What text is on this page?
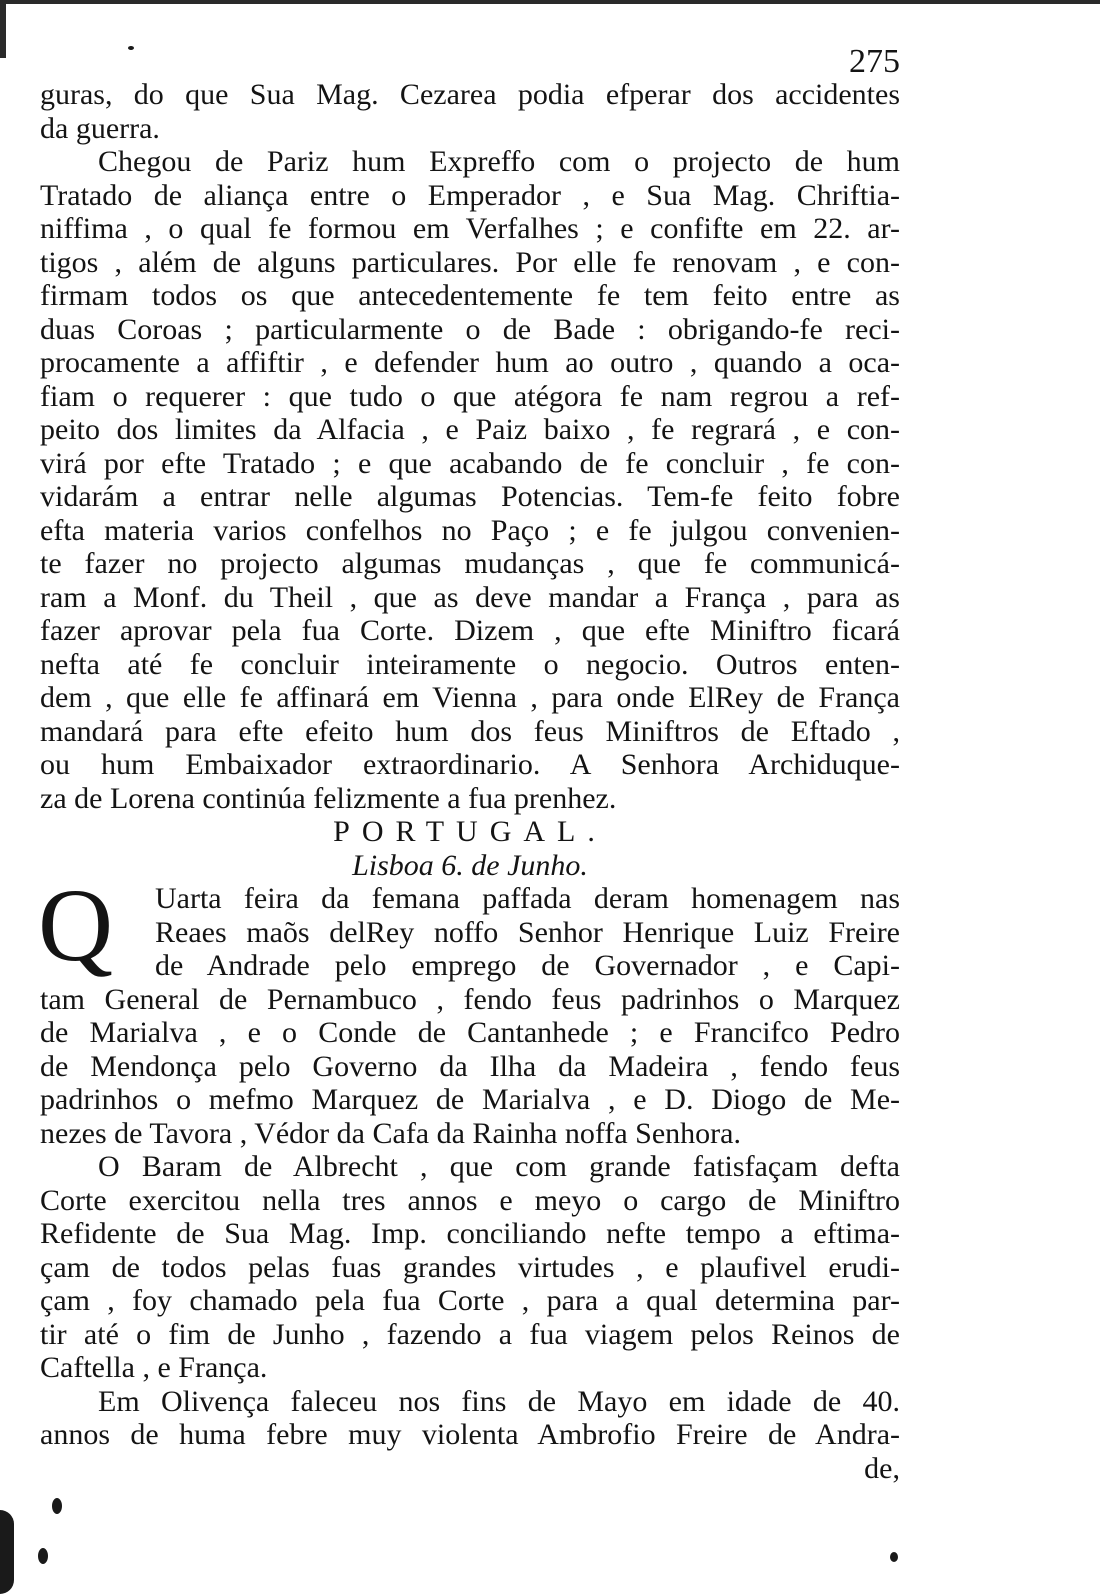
275
guras, do que Sua Mag. Cezarea podia efperar dos accidentes
da guerra.
Chegou de Pariz hum Expreffo com o projecto de hum
Tratado de aliança entre o Emperador , e Sua Mag. Chriftia-
niffima , o qual fe formou em Verfalhes ; e confifte em 22. ar-
tigos , além de alguns particulares. Por elle fe renovam , e con-
firmam todos os que antecedentemente fe tem feito entre as
duas Coroas ; particularmente o de Bade : obrigando-fe reci-
procamente a affiftir , e defender hum ao outro , quando a oca-
fiam o requerer : que tudo o que atégora fe nam regrou a ref-
peito dos limites da Alfacia , e Paiz baixo , fe regrará , e con-
virá por efte Tratado ; e que acabando de fe concluir , fe con-
vidarám a entrar nelle algumas Potencias. Tem-fe feito fobre
efta materia varios confelhos no Paço ; e fe julgou convenien-
te fazer no projecto algumas mudanças , que fe communicá-
ram a Monf. du Theil , que as deve mandar a França , para as
fazer aprovar pela fua Corte. Dizem , que efte Miniftro ficará
nefta até fe concluir inteiramente o negocio. Outros enten-
dem , que elle fe affinará em Vienna , para onde ElRey de França
mandará para efte efeito hum dos feus Miniftros de Eftado ,
ou hum Embaixador extraordinario. A Senhora Archiduque-
za de Lorena continúa felizmente a fua prenhez.
PORTUGAL.
Lisboa 6. de Junho.
Uarta feira da femana paffada deram homenagem nas
Reaes maõs delRey noffo Senhor Henrique Luiz Freire
de Andrade pelo emprego de Governador , e Capi-
tam General de Pernambuco , fendo feus padrinhos o Marquez
de Marialva , e o Conde de Cantanhede ; e Francifco Pedro
de Mendonça pelo Governo da Ilha da Madeira , fendo feus
padrinhos o mefmo Marquez de Marialva , e D. Diogo de Me-
nezes de Tavora , Védor da Cafa da Rainha noffa Senhora.
O Baram de Albrecht , que com grande fatisfaçam defta
Corte exercitou nella tres annos e meyo o cargo de Miniftro
Refidente de Sua Mag. Imp. conciliando nefte tempo a eftima-
çam de todos pelas fuas grandes virtudes , e plaufivel erudi-
çam , foy chamado pela fua Corte , para a qual determina par-
tir até o fim de Junho , fazendo a fua viagem pelos Reinos de
Caftella , e França.
Em Olivença faleceu nos fins de Mayo em idade de 40.
annos de huma febre muy violenta Ambrofio Freire de Andra-
de,
Q
